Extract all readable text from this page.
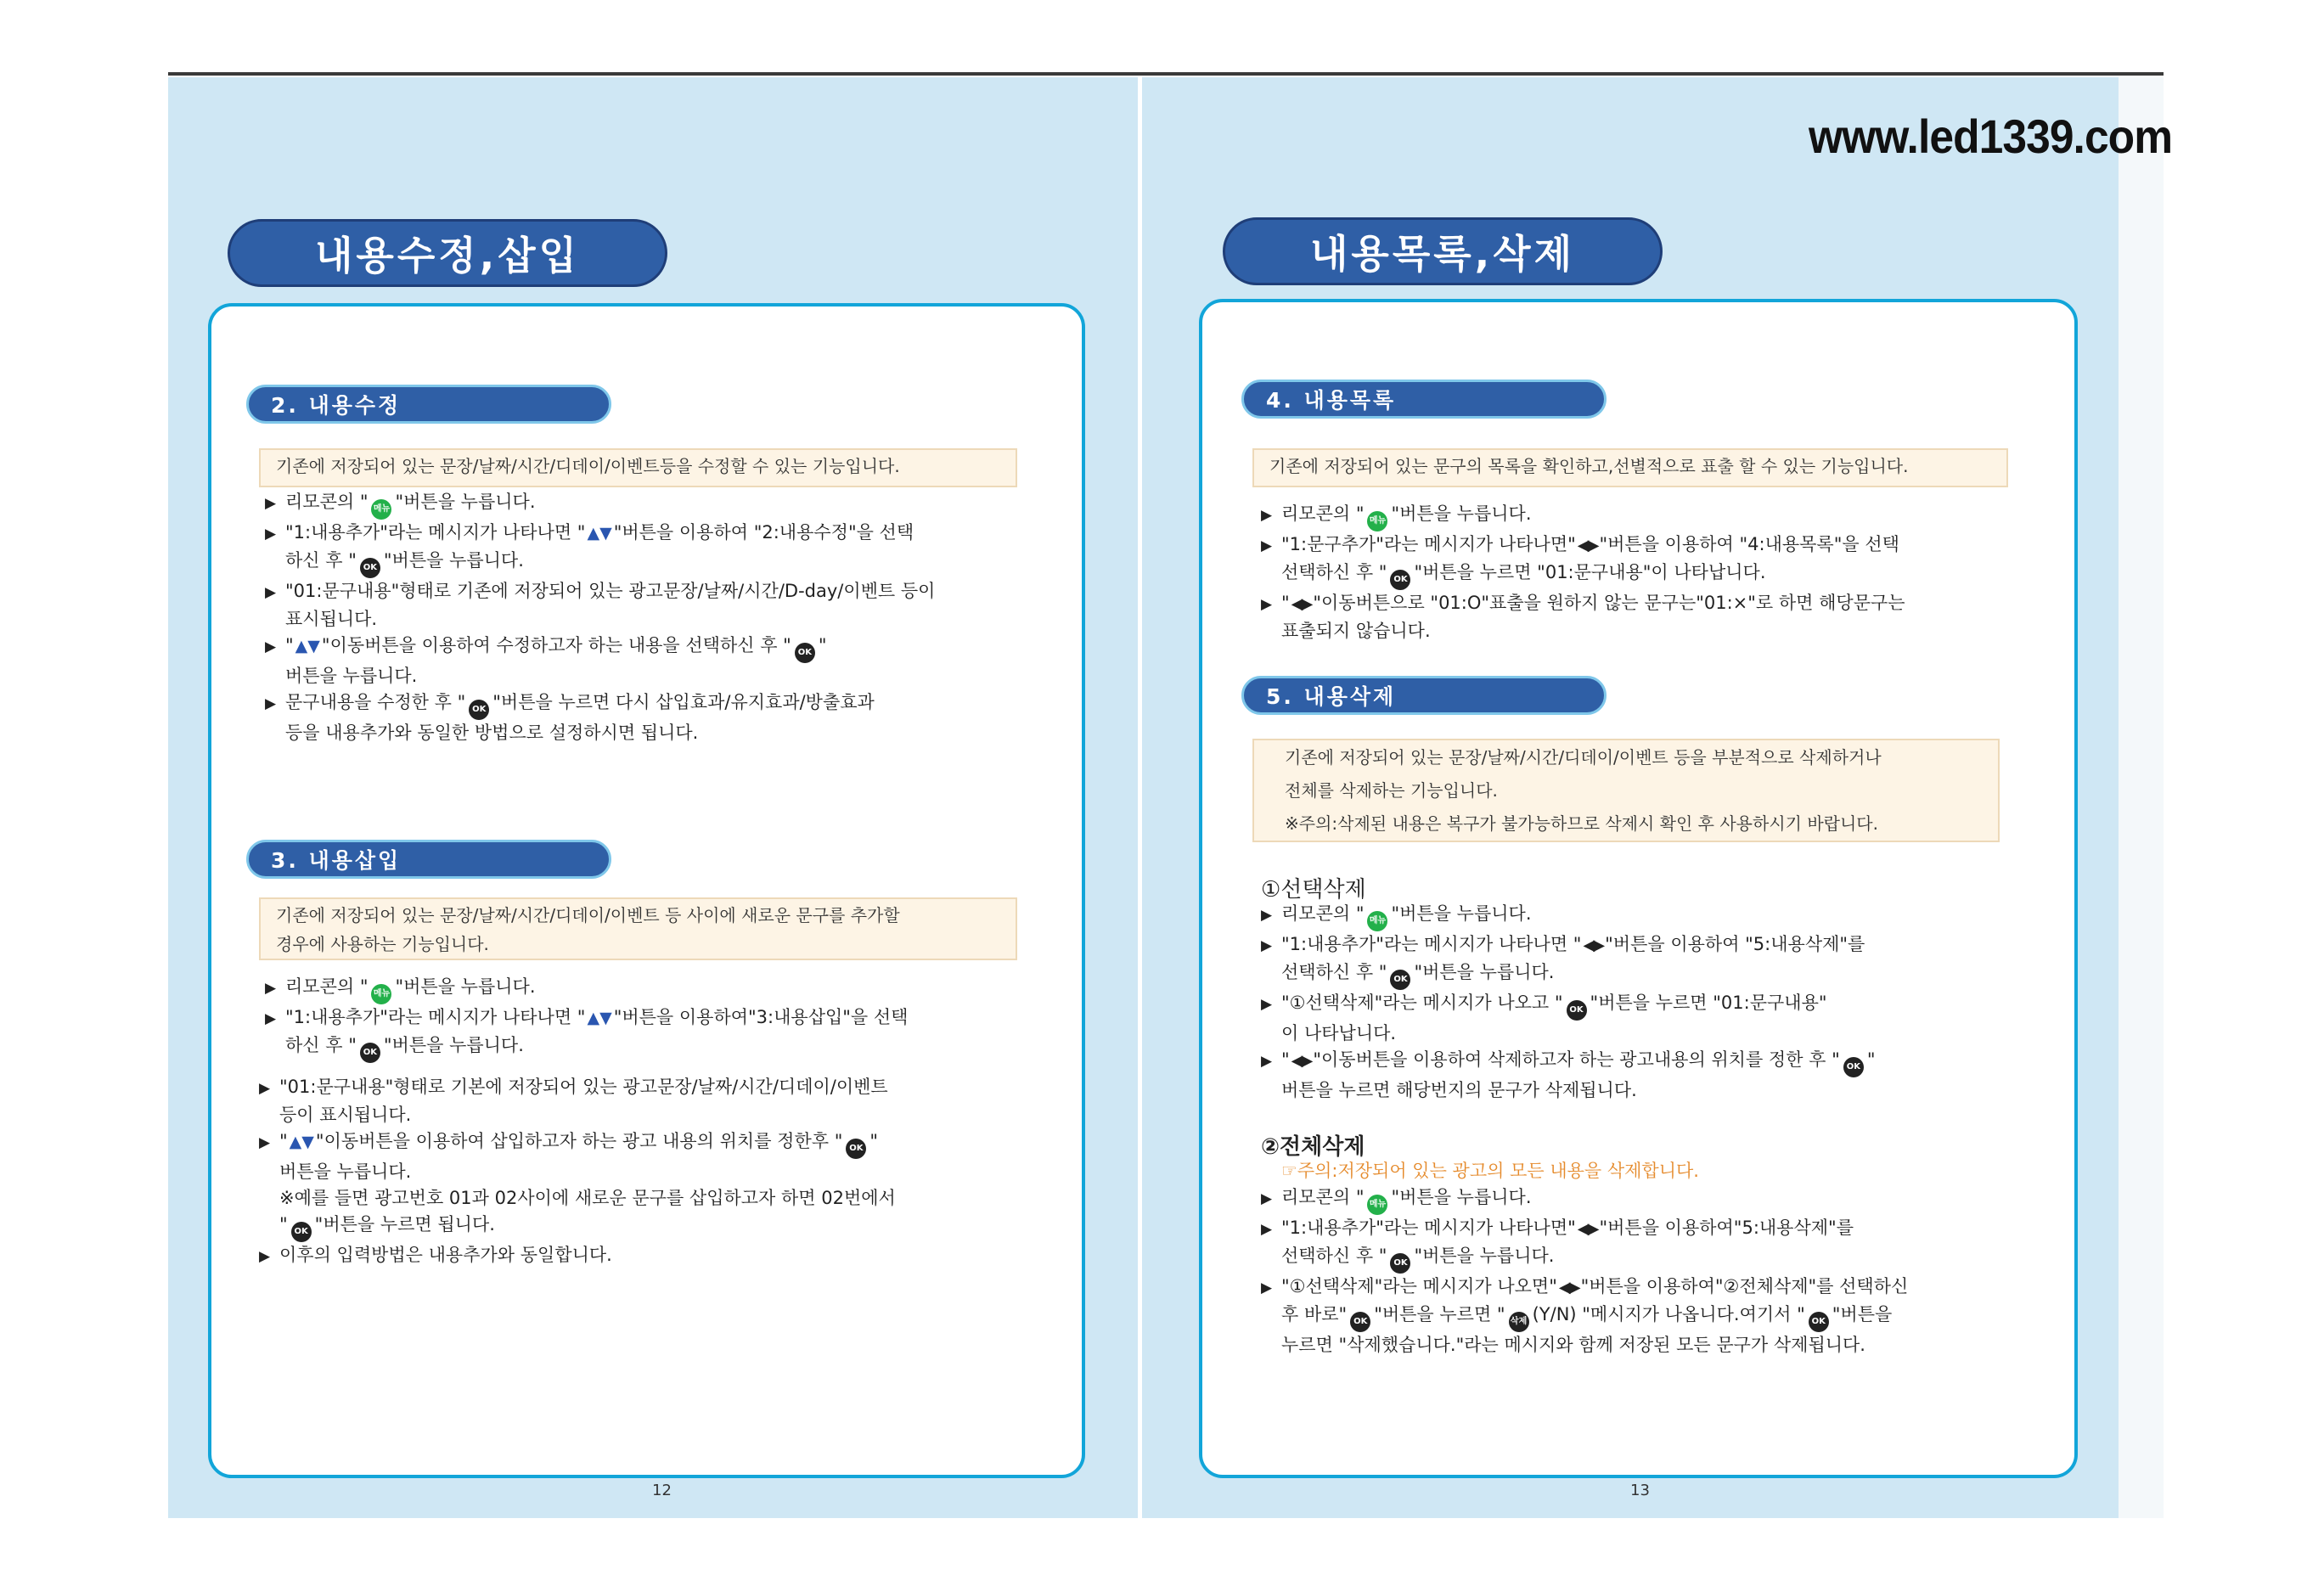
www.led1339.com
내용수정,삽입
2. 내용수정
기존에 저장되어 있는 문장/날짜/시간/디데이/이벤트등을 수정할 수 있는 기능입니다.
▶ 리모콘의 " 메뉴 "버튼을 누릅니다.
▶ "1:내용추가"라는 메시지가 나타나면 " ▲▼"버튼을 이용하여 "2:내용수정"을 선택
하신 후 " OK "버튼을 누릅니다.
▶ "01:문구내용"형태로 기존에 저장되어 있는 광고문장/날짜/시간/D-day/이벤트 등이
표시됩니다.
▶ " ▲▼"이동버튼을 이용하여 수정하고자 하는 내용을 선택하신 후 " OK "
버튼을 누릅니다.
▶ 문구내용을 수정한 후 " OK "버튼을 누르면 다시 삽입효과/유지효과/방출효과
등을 내용추가와 동일한 방법으로 설정하시면 됩니다.
3. 내용삽입
기존에 저장되어 있는 문장/날짜/시간/디데이/이벤트 등 사이에 새로운 문구를 추가할
경우에 사용하는 기능입니다.
▶ 리모콘의 " 메뉴 "버튼을 누릅니다.
▶ "1:내용추가"라는 메시지가 나타나면 " ▲▼"버튼을 이용하여"3:내용삽입"을 선택
하신 후 " OK "버튼을 누릅니다.
▶ "01:문구내용"형태로 기본에 저장되어 있는 광고문장/날짜/시간/디데이/이벤트
등이 표시됩니다.
▶ " ▲▼"이동버튼을 이용하여 삽입하고자 하는 광고 내용의 위치를 정한후 " OK "
버튼을 누릅니다.
※예를 들면 광고번호 01과 02사이에 새로운 문구를 삽입하고자 하면 02번에서
" OK "버튼을 누르면 됩니다.
▶ 이후의 입력방법은 내용추가와 동일합니다.
12
내용목록,삭제
4. 내용목록
기존에 저장되어 있는 문구의 목록을 확인하고,선별적으로 표출 할 수 있는 기능입니다.
▶ 리모콘의 " 메뉴 "버튼을 누릅니다.
▶ "1:문구추가"라는 메시지가 나타나면" ◀▶"버튼을 이용하여 "4:내용목록"을 선택
선택하신 후 " OK "버튼을 누르면 "01:문구내용"이 나타납니다.
▶ " ◀▶"이동버튼으로 "01:O"표출을 원하지 않는 문구는"01:×"로 하면 해당문구는
표출되지 않습니다.
5. 내용삭제
기존에 저장되어 있는 문장/날짜/시간/디데이/이벤트 등을 부분적으로 삭제하거나
전체를 삭제하는 기능입니다.
※주의:삭제된 내용은 복구가 불가능하므로 삭제시 확인 후 사용하시기 바랍니다.
①선택삭제
▶ 리모콘의 " 메뉴 "버튼을 누릅니다.
▶ "1:내용추가"라는 메시지가 나타나면 " ◀▶"버튼을 이용하여 "5:내용삭제"를
선택하신 후 " OK "버튼을 누릅니다.
▶ "①선택삭제"라는 메시지가 나오고 " OK "버튼을 누르면 "01:문구내용"
이 나타납니다.
▶ " ◀▶"이동버튼을 이용하여 삭제하고자 하는 광고내용의 위치를 정한 후 " OK "
버튼을 누르면 해당번지의 문구가 삭제됩니다.
②전체삭제
☞주의:저장되어 있는 광고의 모든 내용을 삭제합니다.
▶ 리모콘의 " 메뉴 "버튼을 누릅니다.
▶ "1:내용추가"라는 메시지가 나타나면" ◀▶"버튼을 이용하여"5:내용삭제"를
선택하신 후 " OK "버튼을 누릅니다.
▶ "①선택삭제"라는 메시지가 나오면" ◀▶"버튼을 이용하여"②전체삭제"를 선택하신
후 바로" OK "버튼을 누르면 " 삭제 (Y/N) "메시지가 나옵니다.여기서 " OK "버튼을
누르면 "삭제했습니다."라는 메시지와 함께 저장된 모든 문구가 삭제됩니다.
13
